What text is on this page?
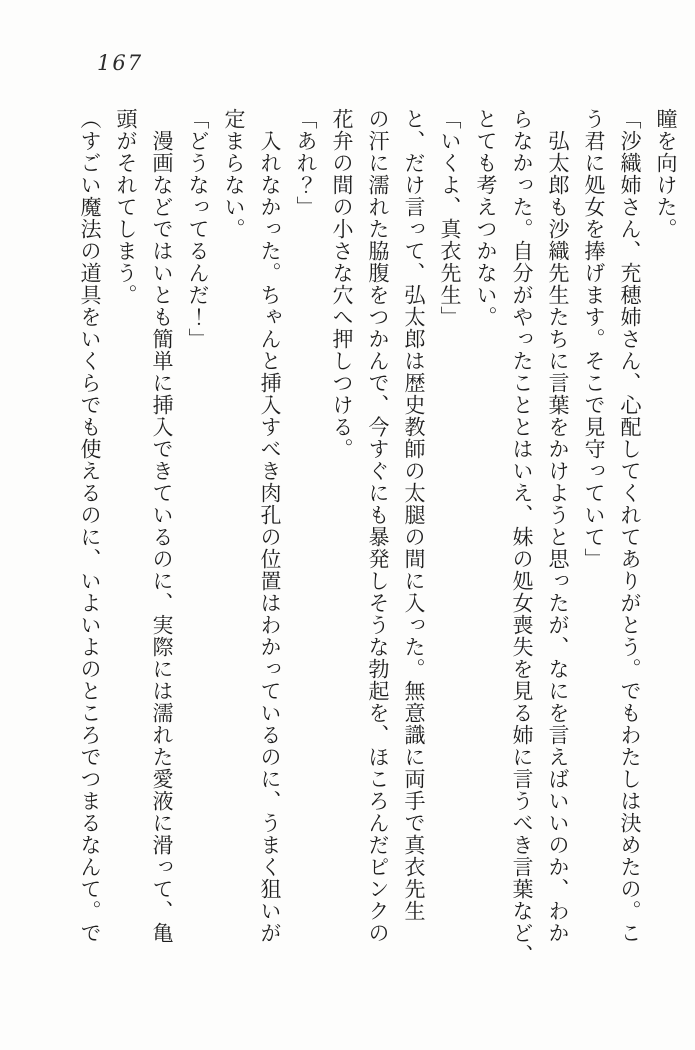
167
瞳を向けた。
「沙織姉さん、充穂姉さん、心配してくれてありがとう。でもわたしは決めたの。こ
う君に処女を捧げます。そこで見守っていて」
　弘太郎も沙織先生たちに言葉をかけようと思ったが、なにを言えばいいのか、わか
らなかった。自分がやったこととはいえ、妹の処女喪失を見る姉に言うべき言葉など、
とても考えつかない。
「いくよ、真衣先生」
と、だけ言って、弘太郎は歴史教師の太腿の間に入った。無意識に両手で真衣先生
の汗に濡れた脇腹をつかんで、今すぐにも暴発しそうな勃起を、ほころんだピンクの
花弁の間の小さな穴へ押しつける。
「あれ？」
　入れなかった。ちゃんと挿入すべき肉孔の位置はわかっているのに、うまく狙いが
定まらない。
「どうなってるんだ！」
　漫画などではいとも簡単に挿入できているのに、実際には濡れた愛液に滑って、亀
頭がそれてしまう。
（すごい魔法の道具をいくらでも使えるのに、いよいよのところでつまるなんて。で
